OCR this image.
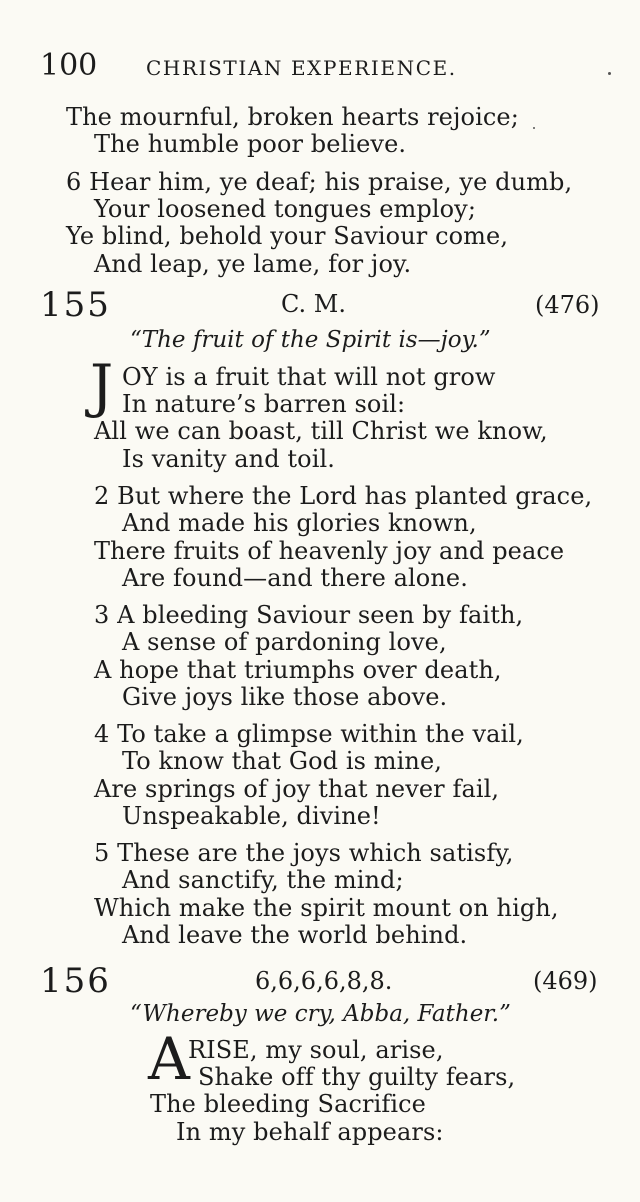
100 CHRISTIAN EXPERIENCE.
The mournful, broken hearts rejoice;
The humble poor believe.
6 Hear him, ye deaf; his praise, ye dumb,
Your loosened tongues employ;
Ye blind, behold your Saviour come,
And leap, ye lame, for joy.
155	C. M.	(476)
“The fruit of the Spirit is—joy.”
J OY is a fruit that will not grow
In nature’s barren soil:
All we can boast, till Christ we know,
Is vanity and toil.
2 But where the Lord has planted grace,
And made his glories known,
There fruits of heavenly joy and peace
Are found—and there alone.
3 A bleeding Saviour seen by faith,
A sense of pardoning love,
A hope that triumphs over death,
Give joys like those above.
4 To take a glimpse within the vail,
To know that God is mine,
Are springs of joy that never fail,
Unspeakable, divine!
5 These are the joys which satisfy,
And sanctify, the mind;
Which make the spirit mount on high,
And leave the world behind.
156	6,6,6,6,8,8.	(469)
“Whereby we cry, Abba, Father.”
A
RISE, my soul, arise,
Shake off thy guilty fears,
The bleeding Sacrifice
In my behalf appears:
